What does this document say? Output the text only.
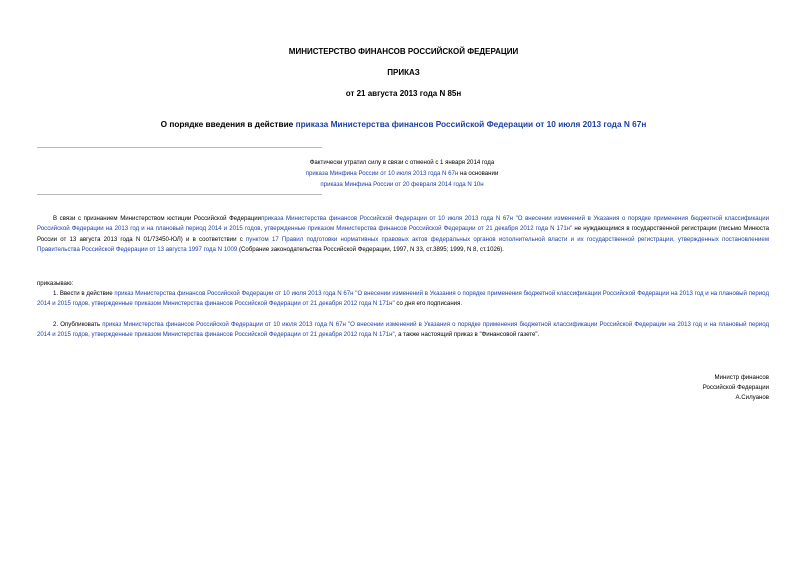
МИНИСТЕРСТВО ФИНАНСОВ РОССИЙСКОЙ ФЕДЕРАЦИИ
ПРИКАЗ
от 21 августа 2013 года N 85н
О порядке введения в действие приказа Министерства финансов Российской Федерации от 10 июля 2013 года N 67н
Фактически утратил силу в связи с отменой с 1 января 2014 года
приказа Минфина России от 10 июля 2013 года N 67н на основании
приказа Минфина России от 20 февраля 2014 года N 10н
В связи с признанием Министерством юстиции Российской Федерацииприказа Министерства финансов Российской Федерации от 10 июля 2013 года N 67н "О внесении изменений в Указания о порядке применения бюджетной классификации Российской Федерации на 2013 год и на плановый период 2014 и 2015 годов, утвержденные приказом Министерства финансов Российской Федерации от 21 декабря 2012 года N 171н" не нуждающимся в государственной регистрации (письмо Минюста России от 13 августа 2013 года N 01/73450-ЮЛ) и в соответствии с пунктом 17 Правил подготовки нормативных правовых актов федеральных органов исполнительной власти и их государственной регистрации, утвержденных постановлением Правительства Российской Федерации от 13 августа 1997 года N 1009 (Собрание законодательства Российской Федерации, 1997, N 33, ст.3895; 1999, N 8, ст.1026).
приказываю:
1. Ввести в действие приказ Министерства финансов Российской Федерации от 10 июля 2013 года N 67н "О внесении изменений в Указания о порядке применения бюджетной классификации Российской Федерации на 2013 год и на плановый период 2014 и 2015 годов, утвержденные приказом Министерства финансов Российской Федерации от 21 декабря 2012 года N 171н" со дня его подписания.
2. Опубликовать приказ Министерства финансов Российской Федерации от 10 июля 2013 года N 67н "О внесении изменений в Указания о порядке применения бюджетной классификации Российской Федерации на 2013 год и на плановый период 2014 и 2015 годов, утвержденные приказом Министерства финансов Российской Федерации от 21 декабря 2012 года N 171н", а также настоящий приказ в "Финансовой газете".
Министр финансов
Российской Федерации
А.Силуанов
